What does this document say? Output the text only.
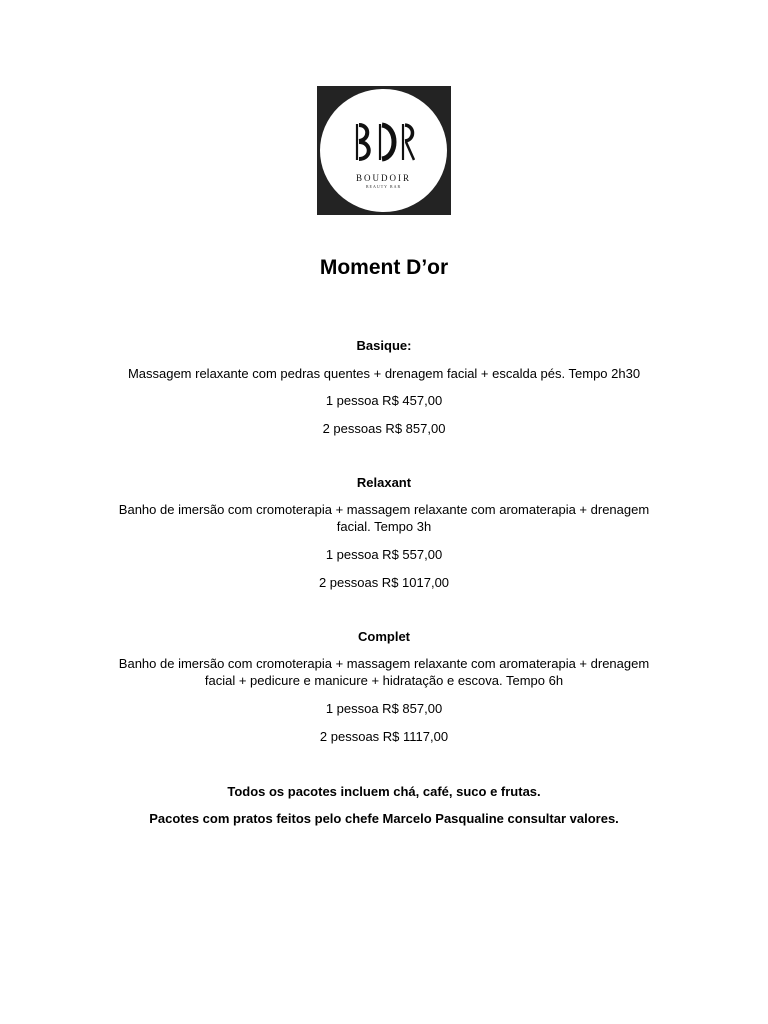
BOUDOIR
BEAUTY BAR
Moment D’or
Basique:
Massagem relaxante com pedras quentes + drenagem facial + escalda pés. Tempo 2h30
1 pessoa R$ 457,00
2 pessoas R$ 857,00
Relaxant
Banho de imersão com cromoterapia + massagem relaxante com aromaterapia + drenagem facial. Tempo 3h
1 pessoa R$ 557,00
2 pessoas R$ 1017,00
Complet
Banho de imersão com cromoterapia + massagem relaxante com aromaterapia + drenagem facial + pedicure e manicure + hidratação e escova. Tempo 6h
1 pessoa R$ 857,00
2 pessoas R$ 1117,00
Todos os pacotes incluem chá, café, suco e frutas.
Pacotes com pratos feitos pelo chefe Marcelo Pasqualine consultar valores.
